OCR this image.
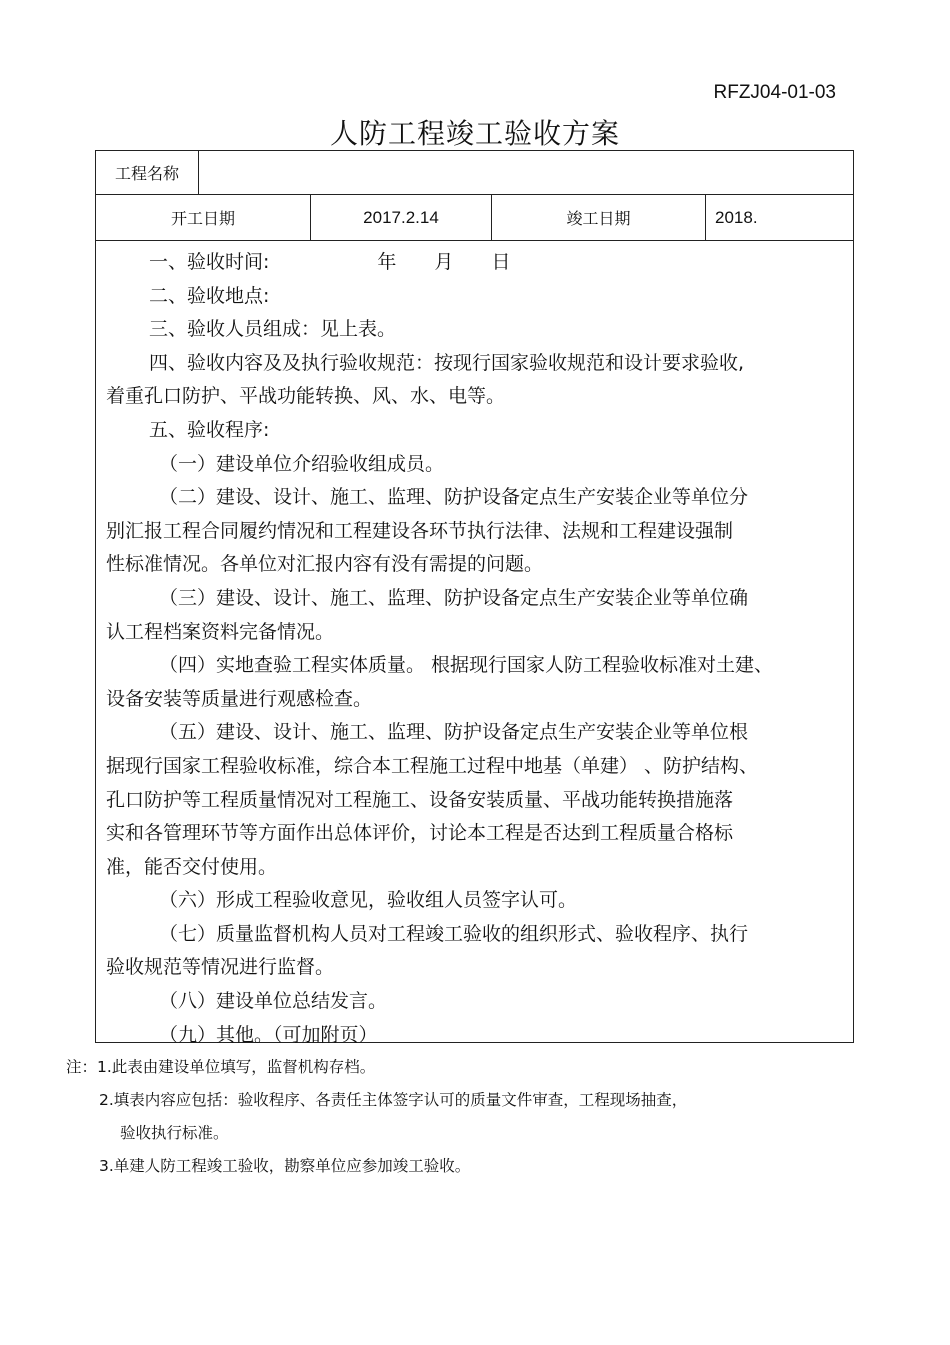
RFZJ04-01-03
人防工程竣工验收方案
工程名称
开工日期	2017.2.14	竣工日期	2018.

一、验收时间:	年 月 日

二、验收地点:

三、验收人员组成：见上表。

四、验收内容及及执行验收规范：按现行国家验收规范和设计要求验收,

着重孔口防护、平战功能转换、风、水、电等。

五、验收程序:

（一）建设单位介绍验收组成员。

（二）建设、设计、施工、监理、防护设备定点生产安装企业等单位分

别汇报工程合同履约情况和工程建设各环节执行法律、法规和工程建设强制

性标准情况。各单位对汇报内容有没有需提的问题。

（三）建设、设计、施工、监理、防护设备定点生产安装企业等单位确

认工程档案资料完备情况。

（四）实地查验工程实体质量。 根据现行国家人防工程验收标准对土建、

设备安装等质量进行观感检查。

（五）建设、设计、施工、监理、防护设备定点生产安装企业等单位根

据现行国家工程验收标准，综合本工程施工过程中地基（单建） 、防护结构、

孔口防护等工程质量情况对工程施工、设备安装质量、平战功能转换措施落

实和各管理环节等方面作出总体评价，讨论本工程是否达到工程质量合格标

准，能否交付使用。

（六）形成工程验收意见，验收组人员签字认可。

（七）质量监督机构人员对工程竣工验收的组织形式、验收程序、执行

验收规范等情况进行监督。

（八）建设单位总结发言。

（九）其他。（可加附页）

注：1.此表由建设单位填写，监督机构存档。

2.填表内容应包括：验收程序、各责任主体签字认可的质量文件审查，工程现场抽查，

验收执行标准。

3.单建人防工程竣工验收，勘察单位应参加竣工验收。
